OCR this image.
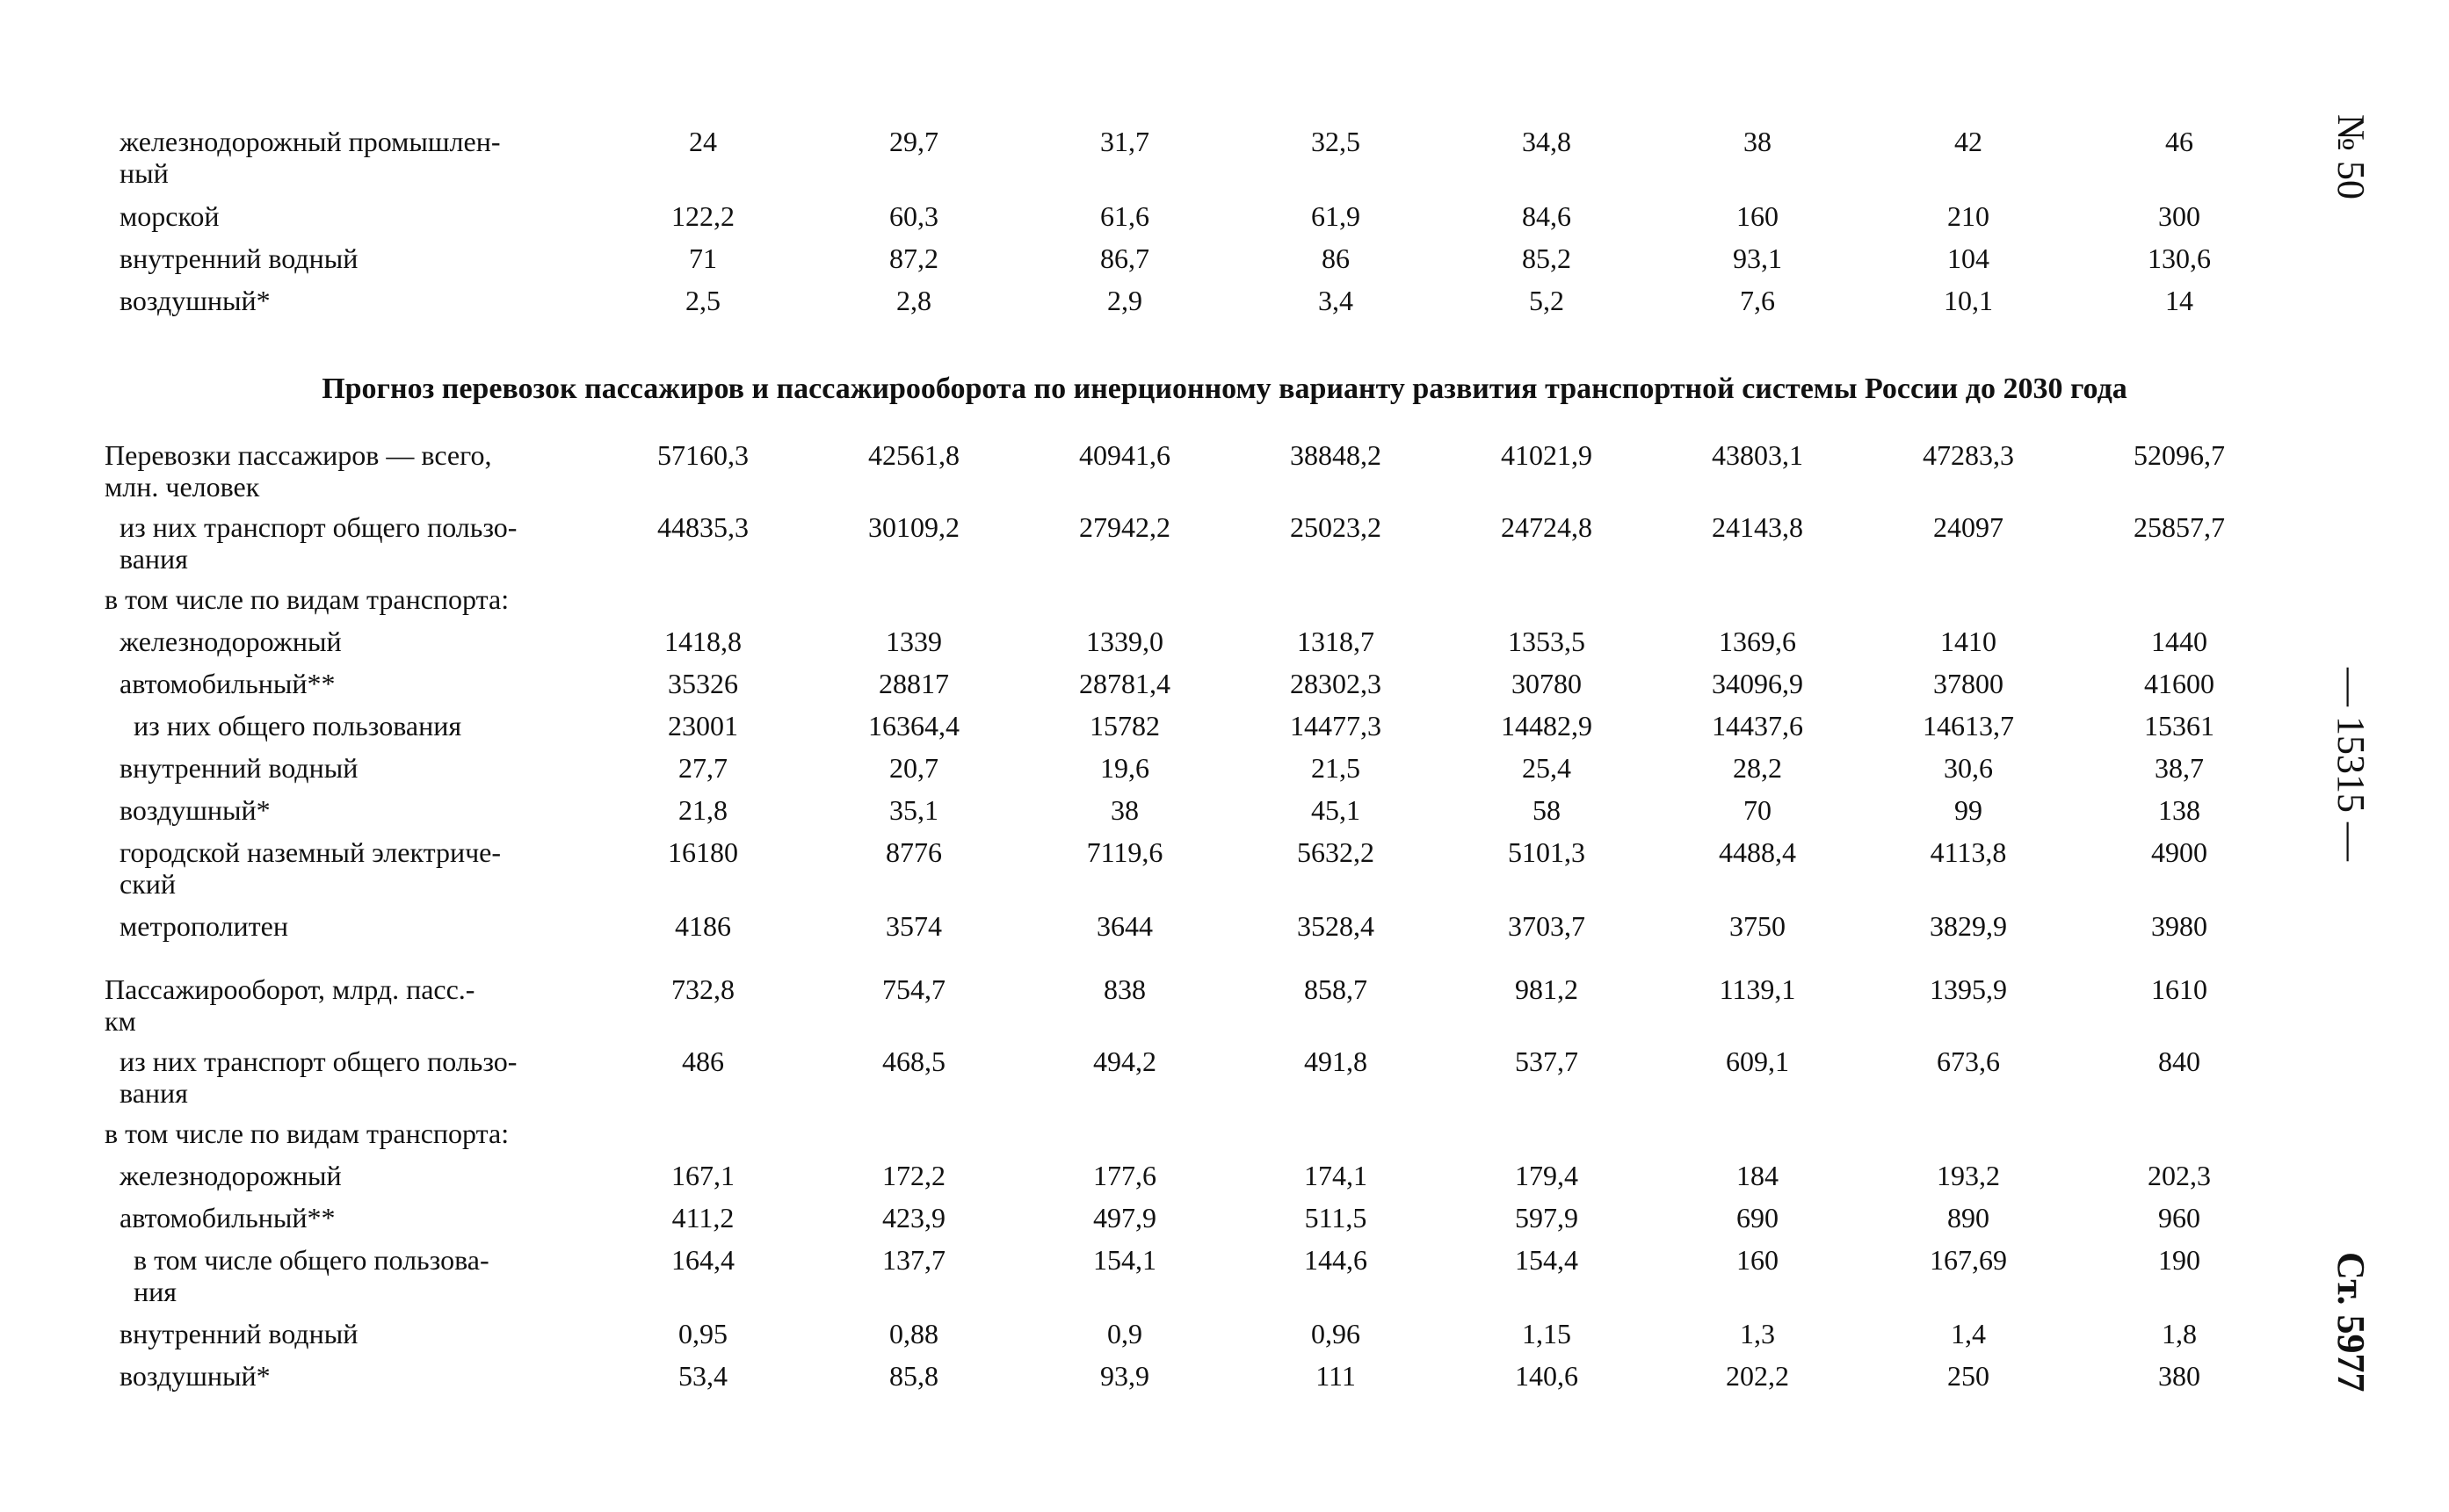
железнодорожный промышлен-
ный
24	29,7	31,7	32,5	34,8	38	42	46
морской	122,2	60,3	61,6	61,9	84,6	160	210	300
внутренний водный	71	87,2	86,7	86	85,2	93,1	104	130,6
воздушный*	2,5	2,8	2,9	3,4	5,2	7,6	10,1	14
Прогноз перевозок пассажиров и пассажирооборота по инерционному варианту развития транспортной системы России до 2030 года
Перевозки пассажиров — всего,
млн. человек
57160,3	42561,8	40941,6	38848,2	41021,9	43803,1	47283,3	52096,7
из них транспорт общего пользо-
вания
44835,3	30109,2	27942,2	25023,2	24724,8	24143,8	24097	25857,7
в том числе по видам транспорта:
железнодорожный	1418,8	1339	1339,0	1318,7	1353,5	1369,6	1410	1440
автомобильный**	35326	28817	28781,4	28302,3	30780	34096,9	37800	41600
из них общего пользования	23001	16364,4	15782	14477,3	14482,9	14437,6	14613,7	15361
внутренний водный	27,7	20,7	19,6	21,5	25,4	28,2	30,6	38,7
воздушный*	21,8	35,1	38	45,1	58	70	99	138
городской наземный электриче-
ский
16180	8776	7119,6	5632,2	5101,3	4488,4	4113,8	4900
метрополитен	4186	3574	3644	3528,4	3703,7	3750	3829,9	3980
Пассажирооборот, млрд. пасс.-
км
732,8	754,7	838	858,7	981,2	1139,1	1395,9	1610
из них транспорт общего пользо-
вания
486	468,5	494,2	491,8	537,7	609,1	673,6	840
в том числе по видам транспорта:
железнодорожный	167,1	172,2	177,6	174,1	179,4	184	193,2	202,3
автомобильный**	411,2	423,9	497,9	511,5	597,9	690	890	960
в том числе общего пользова-
ния
164,4	137,7	154,1	144,6	154,4	160	167,69	190
внутренний водный	0,95	0,88	0,9	0,96	1,15	1,3	1,4	1,8
воздушный*	53,4	85,8	93,9	111	140,6	202,2	250	380
№ 50
— 15315 —
Ст. 5977
